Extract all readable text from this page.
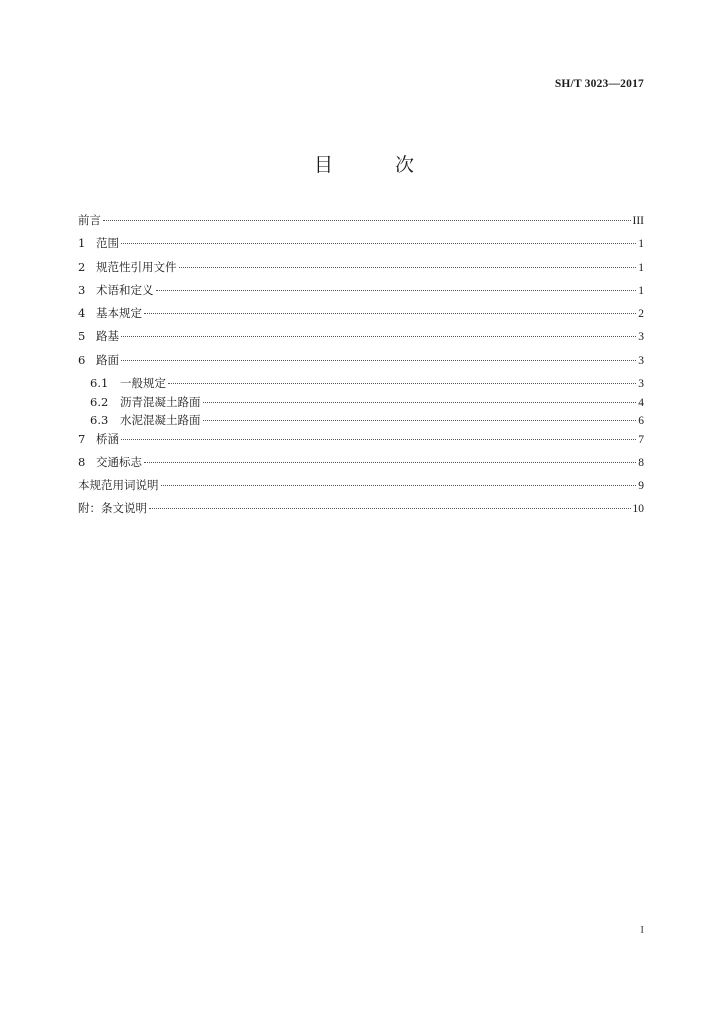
SH/T 3023—2017
目 次
前言	III
1 范围	1
2 规范性引用文件	1
3 术语和定义	1
4 基本规定	2
5 路基	3
6 路面	3
6.1	一般规定	3
6.2	沥青混凝土路面	4
6.3	水泥混凝土路面	6
7 桥涵	7
8 交通标志	8
本规范用词说明	9
附：条文说明	10
I
